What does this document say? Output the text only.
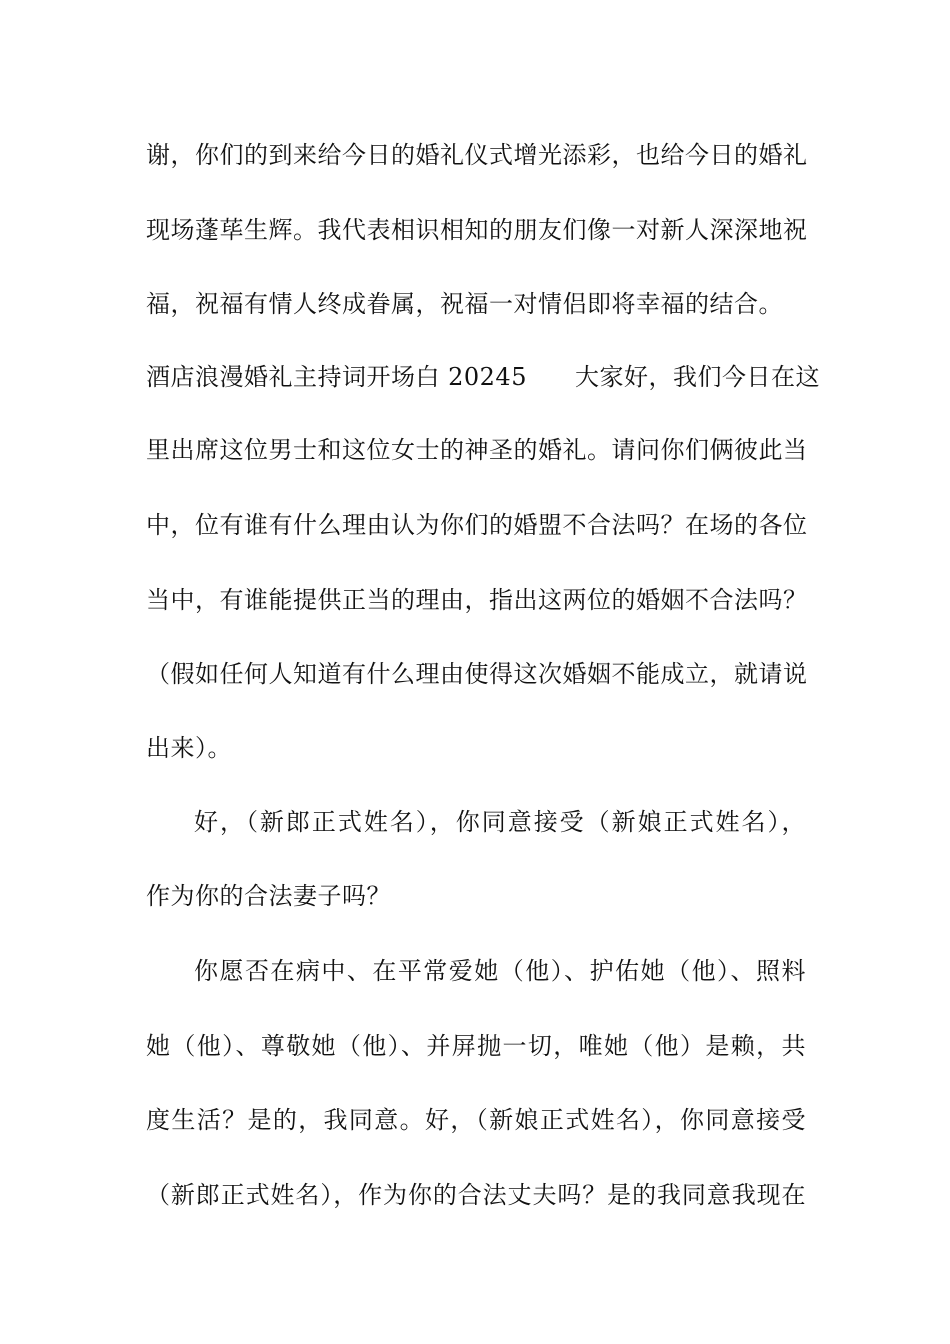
谢，你们的到来给今日的婚礼仪式增光添彩，也给今日的婚礼
现场蓬荜生辉。我代表相识相知的朋友们像一对新人深深地祝
福，祝福有情人终成眷属，祝福一对情侣即将幸福的结合。
酒店浪漫婚礼主持词开场白 20245 大家好，我们今日在这
里出席这位男士和这位女士的神圣的婚礼。请问你们俩彼此当
中，位有谁有什么理由认为你们的婚盟不合法吗？在场的各位
当中，有谁能提供正当的理由，指出这两位的婚姻不合法吗？
（假如任何人知道有什么理由使得这次婚姻不能成立，就请说
出来）。
好，（新郎正式姓名），你同意接受（新娘正式姓名），
作为你的合法妻子吗？
你愿否在病中、在平常爱她（他）、护佑她（他）、照料
她（他）、尊敬她（他）、并屏抛一切，唯她（他）是赖，共
度生活？是的，我同意。好，（新娘正式姓名），你同意接受
（新郎正式姓名），作为你的合法丈夫吗？是的我同意我现在
